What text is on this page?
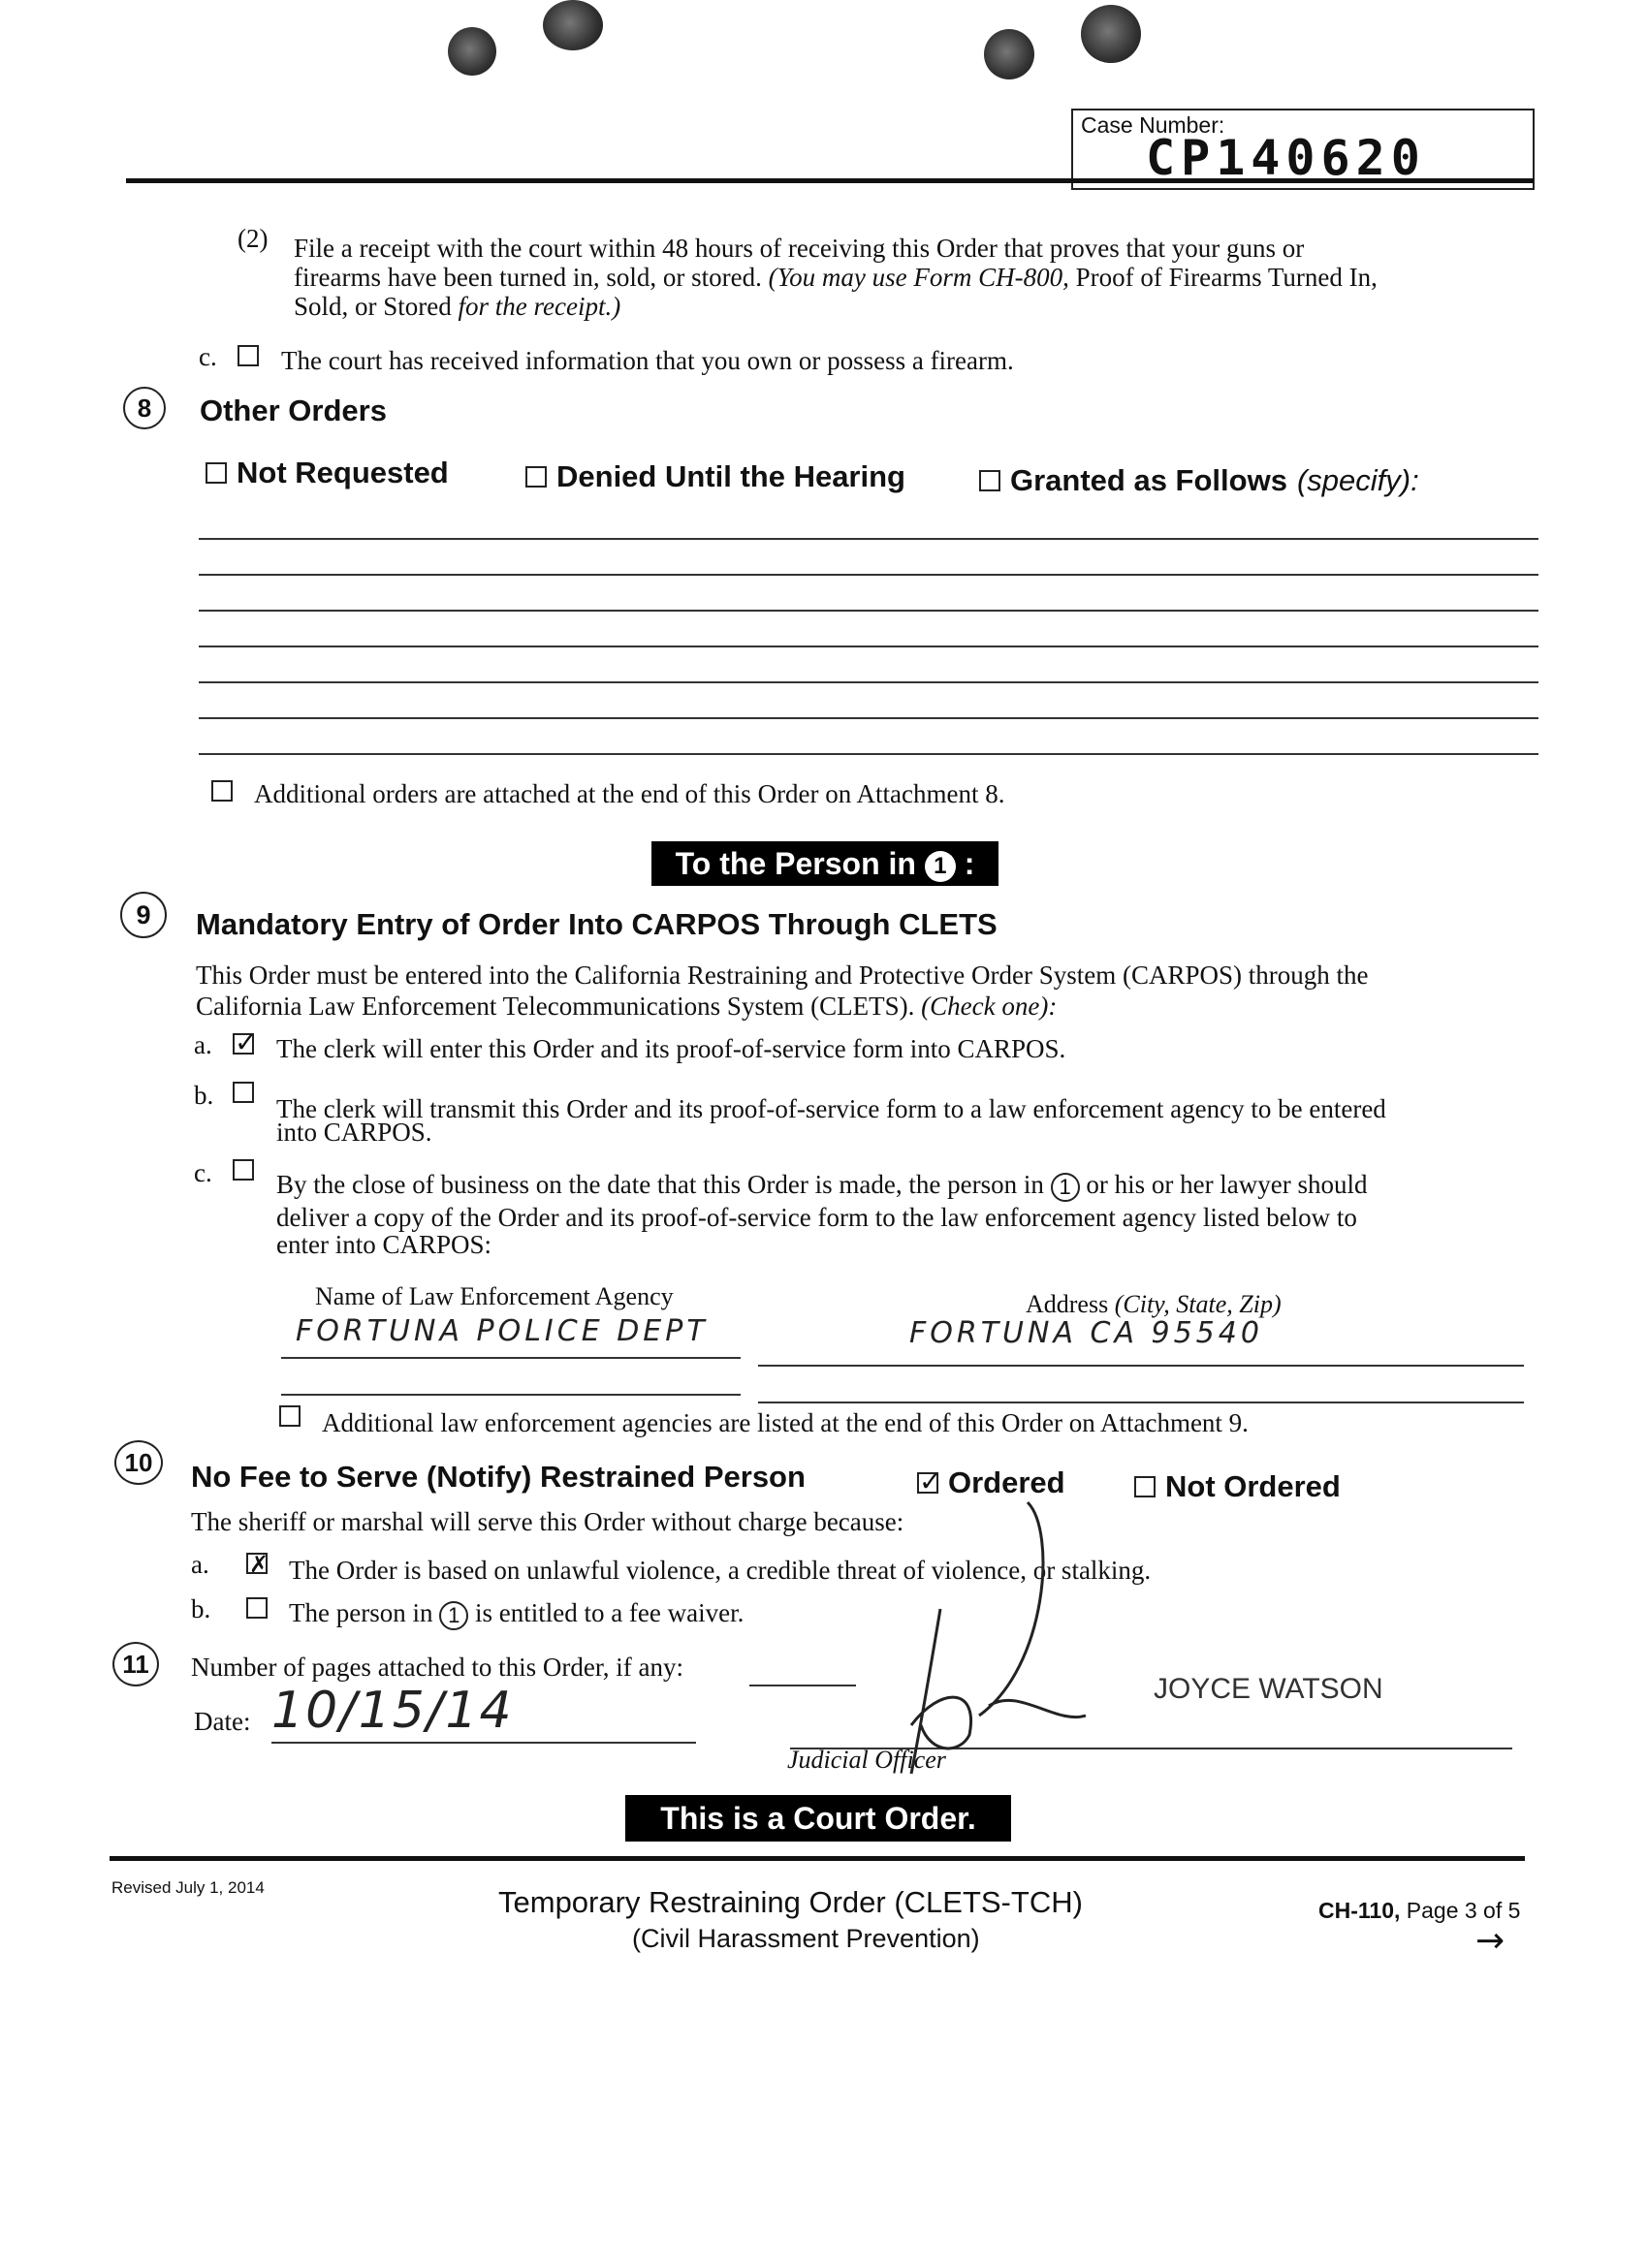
Case Number:
CP140620
(2) File a receipt with the court within 48 hours of receiving this Order that proves that your guns or
firearms have been turned in, sold, or stored. (You may use Form CH-800, Proof of Firearms Turned In,
Sold, or Stored for the receipt.)
c. The court has received information that you own or possess a firearm.
8	Other Orders
Not Requested	Denied Until the Hearing	Granted as Follows (specify):
Additional orders are attached at the end of this Order on Attachment 8.
To the Person in 1 :
9	Mandatory Entry of Order Into CARPOS Through CLETS
This Order must be entered into the California Restraining and Protective Order System (CARPOS) through the
California Law Enforcement Telecommunications System (CLETS). (Check one):
a. ✓ The clerk will enter this Order and its proof-of-service form into CARPOS.
b. The clerk will transmit this Order and its proof-of-service form to a law enforcement agency to be entered
into CARPOS.
c. By the close of business on the date that this Order is made, the person in 1 or his or her lawyer should
deliver a copy of the Order and its proof-of-service form to the law enforcement agency listed below to
enter into CARPOS:
Name of Law Enforcement Agency	Address (City, State, Zip)
FORTUNA POLICE DEPT	FORTUNA CA 95540
Additional law enforcement agencies are listed at the end of this Order on Attachment 9.
10	No Fee to Serve (Notify) Restrained Person	✓ Ordered	Not Ordered
The sheriff or marshal will serve this Order without charge because:
a. ✗ The Order is based on unlawful violence, a credible threat of violence, or stalking.
b.	The person in 1 is entitled to a fee waiver.
11	Number of pages attached to this Order, if any:
Date: 10/15/14	JOYCE WATSON
Judicial Officer
This is a Court Order.
Revised July 1, 2014	Temporary Restraining Order (CLETS-TCH)
(Civil Harassment Prevention)
CH-110, Page 3 of 5
→
